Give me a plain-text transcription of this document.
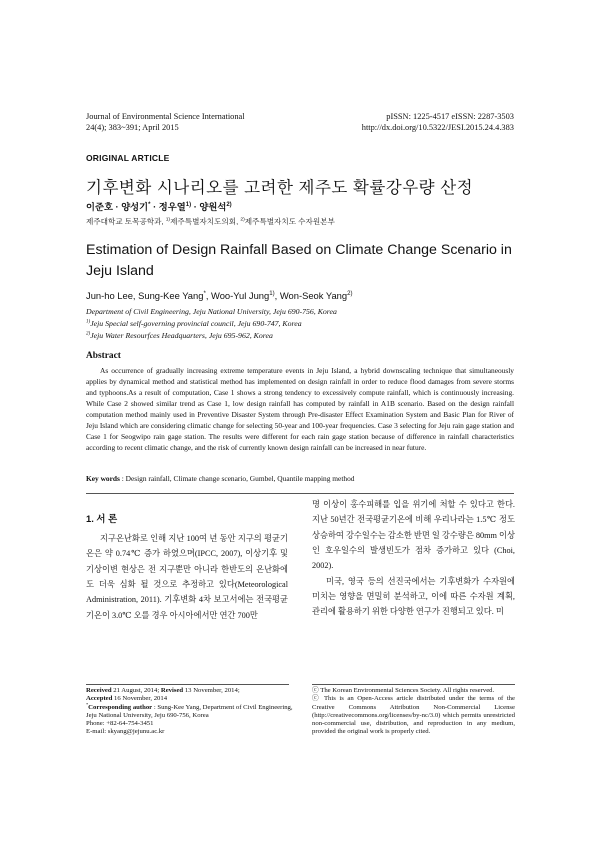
Journal of Environmental Science International
24(4); 383~391; April 2015
pISSN: 1225-4517 eISSN: 2287-3503
http://dx.doi.org/10.5322/JESI.2015.24.4.383
ORIGINAL ARTICLE
기후변화 시나리오를 고려한 제주도 확률강우량 산정
이준호 · 양성기* · 정우열$^{1)}$ · 양원석$^{2)}$
제주대학교 토목공학과, $^{1)}$제주특별자치도의회, $^{2)}$제주특별자치도 수자원본부
Estimation of Design Rainfall Based on Climate Change Scenario in Jeju Island
Jun-ho Lee, Sung-Kee Yang*, Woo-Yul Jung$^{1)}$, Won-Seok Yang$^{2)}$
Department of Civil Engineering, Jeju National University, Jeju 690-756, Korea
$^{1)}$Jeju Special self-governing provincial council, Jeju 690-747, Korea
$^{2)}$Jeju Water Resourfces Headquarters, Jeju 695-962, Korea
Abstract
As occurrence of gradually increasing extreme temperature events in Jeju Island, a hybrid downscaling technique that simultaneously applies by dynamical method and statistical method has implemented on design rainfall in order to reduce flood damages from severe storms and typhoons.As a result of computation, Case 1 shows a strong tendency to excessively compute rainfall, which is continuously increasing. While Case 2 showed similar trend as Case 1, low design rainfall has computed by rainfall in A1B scenario. Based on the design rainfall computation method mainly used in Preventive Disaster System through Pre-disaster Effect Examination System and Basic Plan for River of Jeju Island which are considering climatic change for selecting 50-year and 100-year frequencies. Case 3 selecting for Jeju rain gage station and Case 1 for Seogwipo rain gage station. The results were different for each rain gage station because of difference in rainfall characteristics according to recent climatic change, and the risk of currently known design rainfall can be increased in near future.
Key words : Design rainfall, Climate change scenario, Gumbel, Quantile mapping method
1. 서 론
지구온난화로 인해 지난 100여 년 동안 지구의 평균기온은 약 0.74℃ 증가 하였으며(IPCC, 2007), 이상기후 및 기상이변 현상은 전 지구뿐만 아니라 한반도의 온난화에도 더욱 심화 될 것으로 추정하고 있다(Meteorological Administration, 2011). 기후변화 4차 보고서에는 전국평균기온이 3.0℃ 오를 경우 아시아에서만 연간 700만
명 이상이 홍수피해를 입을 위기에 처할 수 있다고 한다. 지난 50년간 전국평균기온에 비해 우리나라는 1.5℃ 정도 상승하여 강수일수는 감소한 반면 일 강수량은 80mm 이상인 호우일수의 발생빈도가 점차 증가하고 있다 (Choi, 2002).
미국, 영국 등의 선진국에서는 기후변화가 수자원에 미치는 영향을 면밀히 분석하고, 이에 따른 수자원 계획, 관리에 활용하기 위한 다양한 연구가 진행되고 있다. 미
Received 21 August, 2014; Revised 13 November, 2014;
Accepted 16 November, 2014
*Corresponding author : Sung-Kee Yang, Department of Civil Engineering, Jeju National University, Jeju 690-756, Korea
Phone: +82-64-754-3451
E-mail: skyang@jejunu.ac.kr
ⓒ The Korean Environmental Sciences Society. All rights reserved.
ⓒ This is an Open-Access article distributed under the terms of the Creative Commons Attribution Non-Commercial License (http://creativecommons.org/licenses/by-nc/3.0) which permits unrestricted non-commercial use, distribution, and reproduction in any medium, provided the original work is properly cited.
